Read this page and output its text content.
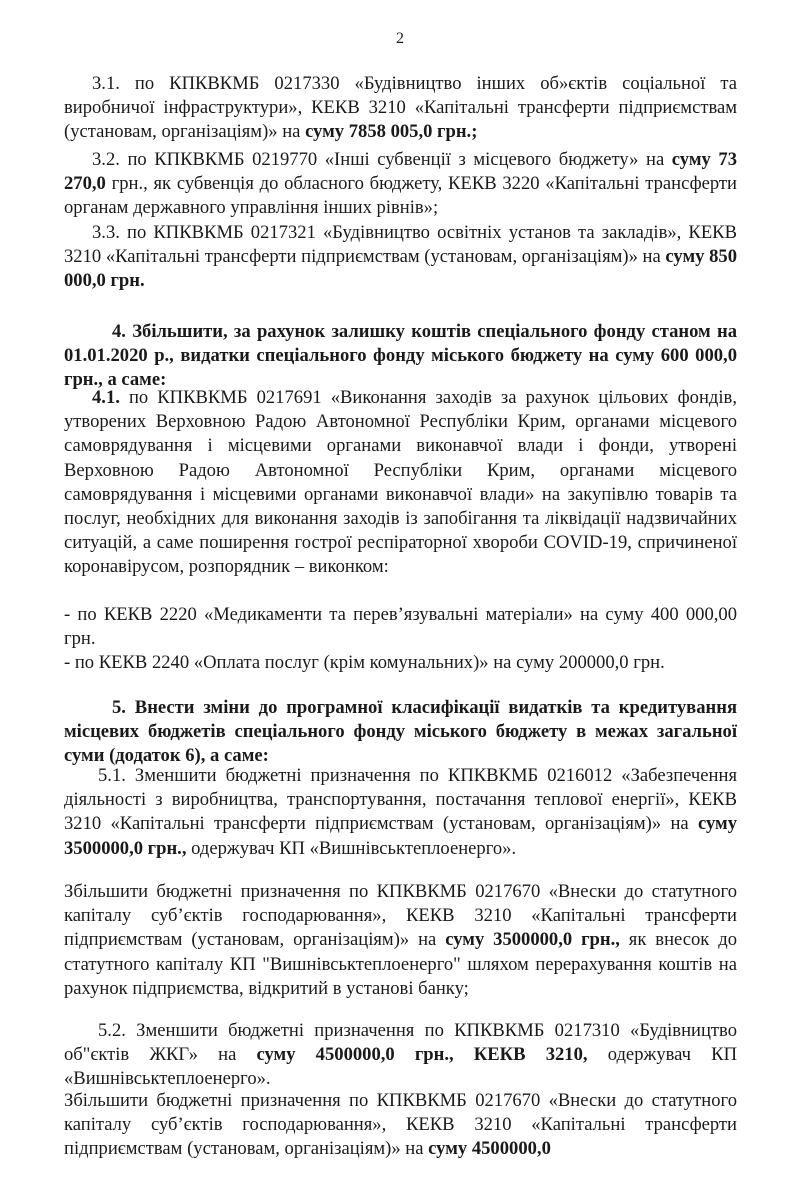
2

3.1. по КПКВКМБ 0217330 «Будівництво інших об»єктів соціальної та виробничої інфраструктури», КЕКВ 3210 «Капітальні трансферти підприємствам (установам, організаціям)» на суму 7858 005,0 грн.;

3.2. по КПКВКМБ 0219770 «Інші субвенції з місцевого бюджету» на суму 73 270,0 грн., як субвенція до обласного бюджету, КЕКВ 3220 «Капітальні трансферти органам державного управління інших рівнів»;

3.3. по КПКВКМБ 0217321 «Будівництво освітніх установ та закладів», КЕКВ 3210 «Капітальні трансферти підприємствам (установам, організаціям)» на суму 850 000,0 грн.

4. Збільшити, за рахунок залишку коштів спеціального фонду станом на 01.01.2020 р., видатки спеціального фонду міського бюджету на суму 600 000,0 грн., а саме:

4.1. по КПКВКМБ 0217691 «Виконання заходів за рахунок цільових фондів, утворених Верховною Радою Автономної Республіки Крим, органами місцевого самоврядування і місцевими органами виконавчої влади і фонди, утворені Верховною Радою Автономної Республіки Крим, органами місцевого самоврядування і місцевими органами виконавчої влади» на закупівлю товарів та послуг, необхідних для виконання заходів із запобігання та ліквідації надзвичайних ситуацій, а саме поширення гострої респіраторної хвороби COVID-19, спричиненої коронавірусом, розпорядник – виконком:

- по КЕКВ 2220 «Медикаменти та перев’язувальні матеріали» на суму 400 000,00 грн.

- по КЕКВ 2240 «Оплата послуг (крім комунальних)» на суму 200000,0 грн.

5. Внести зміни до програмної класифікації видатків та кредитування місцевих бюджетів спеціального фонду міського бюджету в межах загальної суми (додаток 6), а саме:

5.1. Зменшити бюджетні призначення по КПКВКМБ 0216012 «Забезпечення діяльності з виробництва, транспортування, постачання теплової енергії», КЕКВ 3210 «Капітальні трансферти підприємствам (установам, організаціям)» на суму 3500000,0 грн., одержувач КП «Вишнівськтеплоенерго».

Збільшити бюджетні призначення по КПКВКМБ 0217670 «Внески до статутного капіталу суб’єктів господарювання», КЕКВ 3210 «Капітальні трансферти підприємствам (установам, організаціям)» на суму 3500000,0 грн., як внесок до статутного капіталу КП "Вишнівськтеплоенерго" шляхом перерахування коштів на рахунок підприємства, відкритий в установі банку;

5.2. Зменшити бюджетні призначення по КПКВКМБ 0217310 «Будівництво об"єктів ЖКГ» на суму 4500000,0 грн., КЕКВ 3210, одержувач КП «Вишнівськтеплоенерго».

Збільшити бюджетні призначення по КПКВКМБ 0217670 «Внески до статутного капіталу суб’єктів господарювання», КЕКВ 3210 «Капітальні трансферти підприємствам (установам, організаціям)» на суму 4500000,0
